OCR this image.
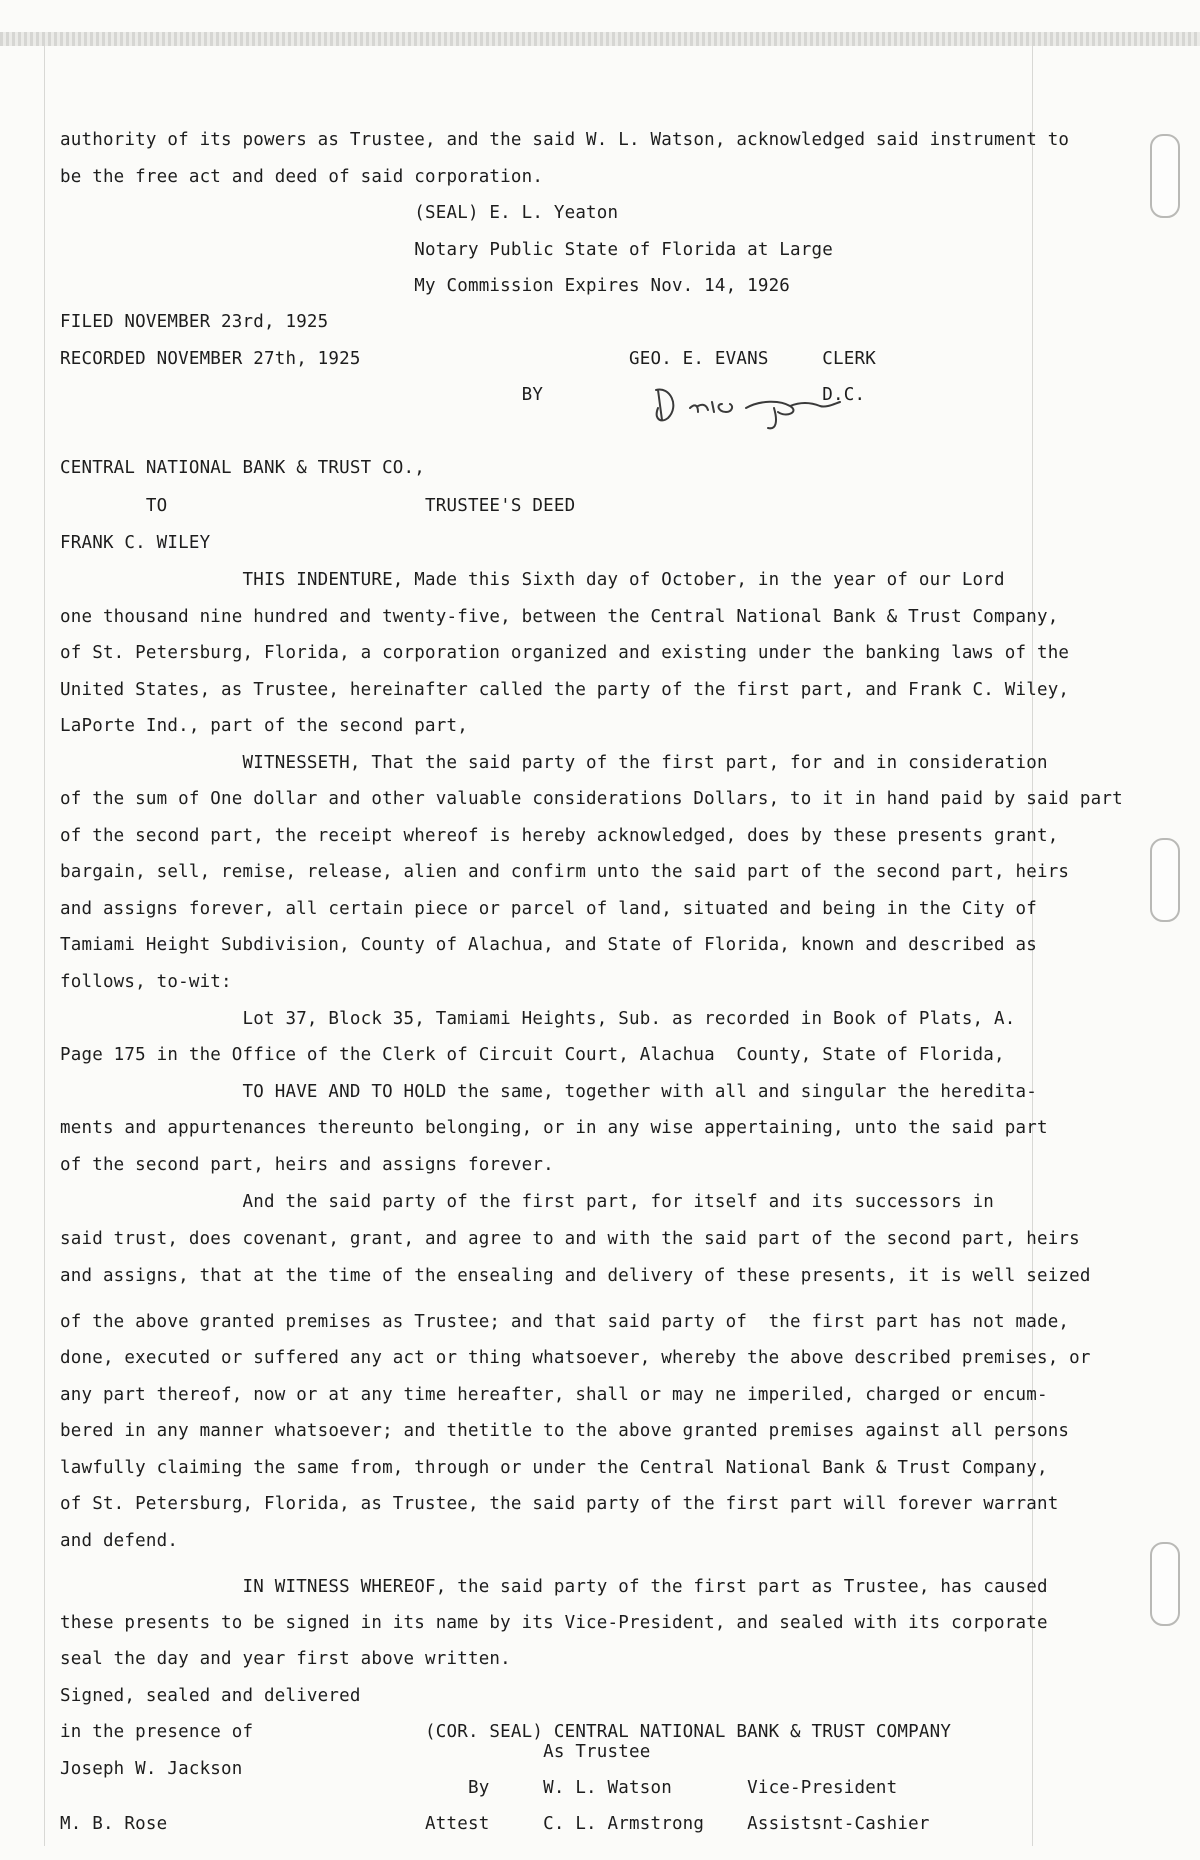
authority of its powers as Trustee, and the said W. L. Watson, acknowledged said instrument to
be the free act and deed of said corporation.
(SEAL) E. L. Yeaton
Notary Public State of Florida at Large
My Commission Expires Nov. 14, 1926
FILED NOVEMBER 23rd, 1925
RECORDED NOVEMBER 27th, 1925                         GEO. E. EVANS     CLERK
BY                          D.C.
CENTRAL NATIONAL BANK & TRUST CO.,
TO                        TRUSTEE'S DEED
FRANK C. WILEY
THIS INDENTURE, Made this Sixth day of October, in the year of our Lord
one thousand nine hundred and twenty-five, between the Central National Bank & Trust Company,
of St. Petersburg, Florida, a corporation organized and existing under the banking laws of the
United States, as Trustee, hereinafter called the party of the first part, and Frank C. Wiley,
LaPorte Ind., part of the second part,
WITNESSETH, That the said party of the first part, for and in consideration
of the sum of One dollar and other valuable considerations Dollars, to it in hand paid by said part
of the second part, the receipt whereof is hereby acknowledged, does by these presents grant,
bargain, sell, remise, release, alien and confirm unto the said part of the second part, heirs
and assigns forever, all certain piece or parcel of land, situated and being in the City of
Tamiami Height Subdivision, County of Alachua, and State of Florida, known and described as
follows, to-wit:
Lot 37, Block 35, Tamiami Heights, Sub. as recorded in Book of Plats, A.
Page 175 in the Office of the Clerk of Circuit Court, Alachua  County, State of Florida,
TO HAVE AND TO HOLD the same, together with all and singular the heredita-
ments and appurtenances thereunto belonging, or in any wise appertaining, unto the said part
of the second part, heirs and assigns forever.
And the said party of the first part, for itself and its successors in
said trust, does covenant, grant, and agree to and with the said part of the second part, heirs
and assigns, that at the time of the ensealing and delivery of these presents, it is well seized
of the above granted premises as Trustee; and that said party of  the first part has not made,
done, executed or suffered any act or thing whatsoever, whereby the above described premises, or
any part thereof, now or at any time hereafter, shall or may ne imperiled, charged or encum-
bered in any manner whatsoever; and thetitle to the above granted premises against all persons
lawfully claiming the same from, through or under the Central National Bank & Trust Company,
of St. Petersburg, Florida, as Trustee, the said party of the first part will forever warrant
and defend.
IN WITNESS WHEREOF, the said party of the first part as Trustee, has caused
these presents to be signed in its name by its Vice-President, and sealed with its corporate
seal the day and year first above written.
Signed, sealed and delivered
in the presence of                (COR. SEAL) CENTRAL NATIONAL BANK & TRUST COMPANY
As Trustee
Joseph W. Jackson
By     W. L. Watson       Vice-President
M. B. Rose                        Attest     C. L. Armstrong    Assistsnt-Cashier
